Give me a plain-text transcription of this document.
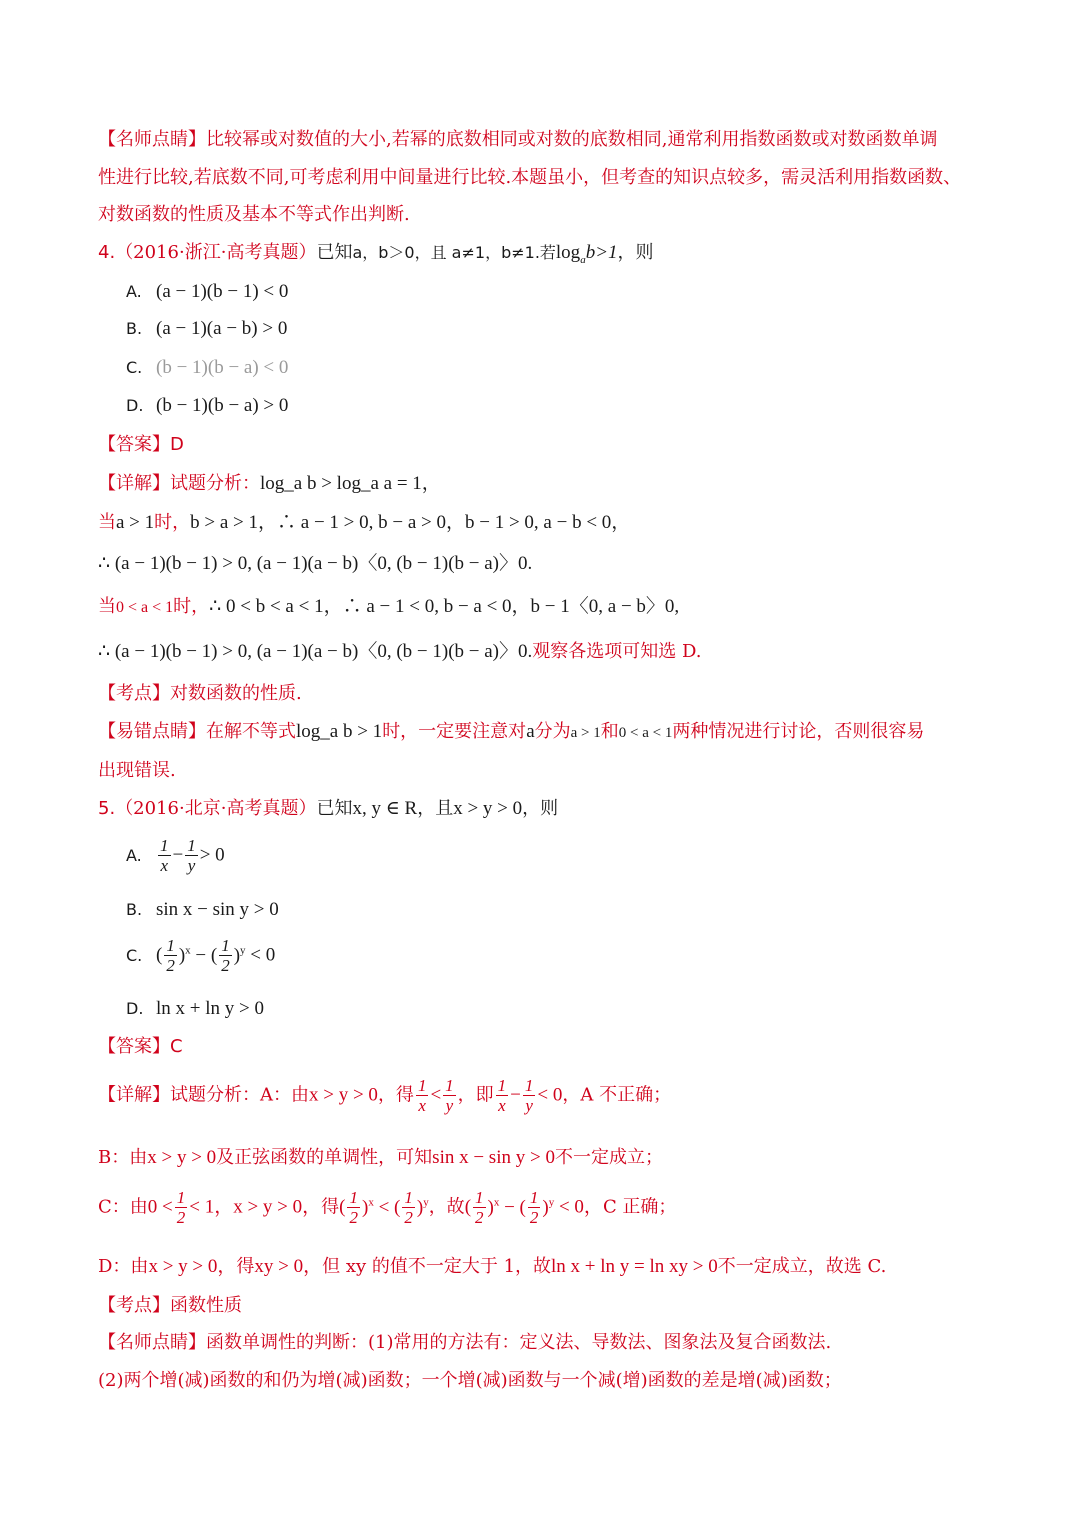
【名师点睛】比较幂或对数值的大小,若幂的底数相同或对数的底数相同,通常利用指数函数或对数函数单调
性进行比较,若底数不同,可考虑利用中间量进行比较.本题虽小，但考查的知识点较多，需灵活利用指数函数、
对数函数的性质及基本不等式作出判断.
4.（2016·浙江·高考真题）已知a，b＞0，且 a≠1，b≠1.若$\log_ab>1$，则
A. (a − 1)(b − 1) < 0
B. (a − 1)(a − b) > 0
C. (b − 1)(b − a) < 0
D. (b − 1)(b − a) > 0
【答案】D
【详解】试题分析：log_a b > log_a a = 1，
当a > 1时，b > a > 1，∴ a − 1 > 0, b − a > 0，b − 1 > 0, a − b < 0，
∴ (a − 1)(b − 1) > 0, (a − 1)(a − b)〈0, (b − 1)(b − a)〉0.
当0 < a < 1时，∴ 0 < b < a < 1，∴ a − 1 < 0, b − a < 0，b − 1〈0, a − b〉0,
∴ (a − 1)(b − 1) > 0, (a − 1)(a − b)〈0, (b − 1)(b − a)〉0.观察各选项可知选 D.
【考点】对数函数的性质.
【易错点睛】在解不等式log_a b > 1时，一定要注意对a分为a > 1和0 < a < 1两种情况进行讨论，否则很容易
出现错误.
5.（2016·北京·高考真题）已知x, y ∈ R，且x > y > 0，则
A. $\frac{1}{x} - \frac{1}{y} > 0$
B. sin x − sin y > 0
C. ( $\frac{1}{2} )^x$ − ( $\frac{1}{2} )^y < 0$
D. ln x + ln y > 0
【答案】C
【详解】试题分析：A：由x > y > 0，得 $\frac{1}{x} < \frac{1}{y}$ ，即 $\frac{1}{x} - \frac{1}{y} < 0$，A 不正确；
B：由x > y > 0及正弦函数的单调性，可知sin x − sin y > 0不一定成立；
C：由$0 < \frac{1}{2} < 1$，x > y > 0，得( $\frac{1}{2} )^x$ < ( $\frac{1}{2} )^y$，故( $\frac{1}{2} )^x$ − ( $\frac{1}{2} )^y < 0$，C 正确；
D：由x > y > 0，得xy > 0，但 xy 的值不一定大于 1，故ln x + ln y = ln xy > 0不一定成立，故选 C.
【考点】函数性质
【名师点睛】函数单调性的判断：(1)常用的方法有：定义法、导数法、图象法及复合函数法.
(2)两个增(减)函数的和仍为增(减)函数；一个增(减)函数与一个减(增)函数的差是增(减)函数；
